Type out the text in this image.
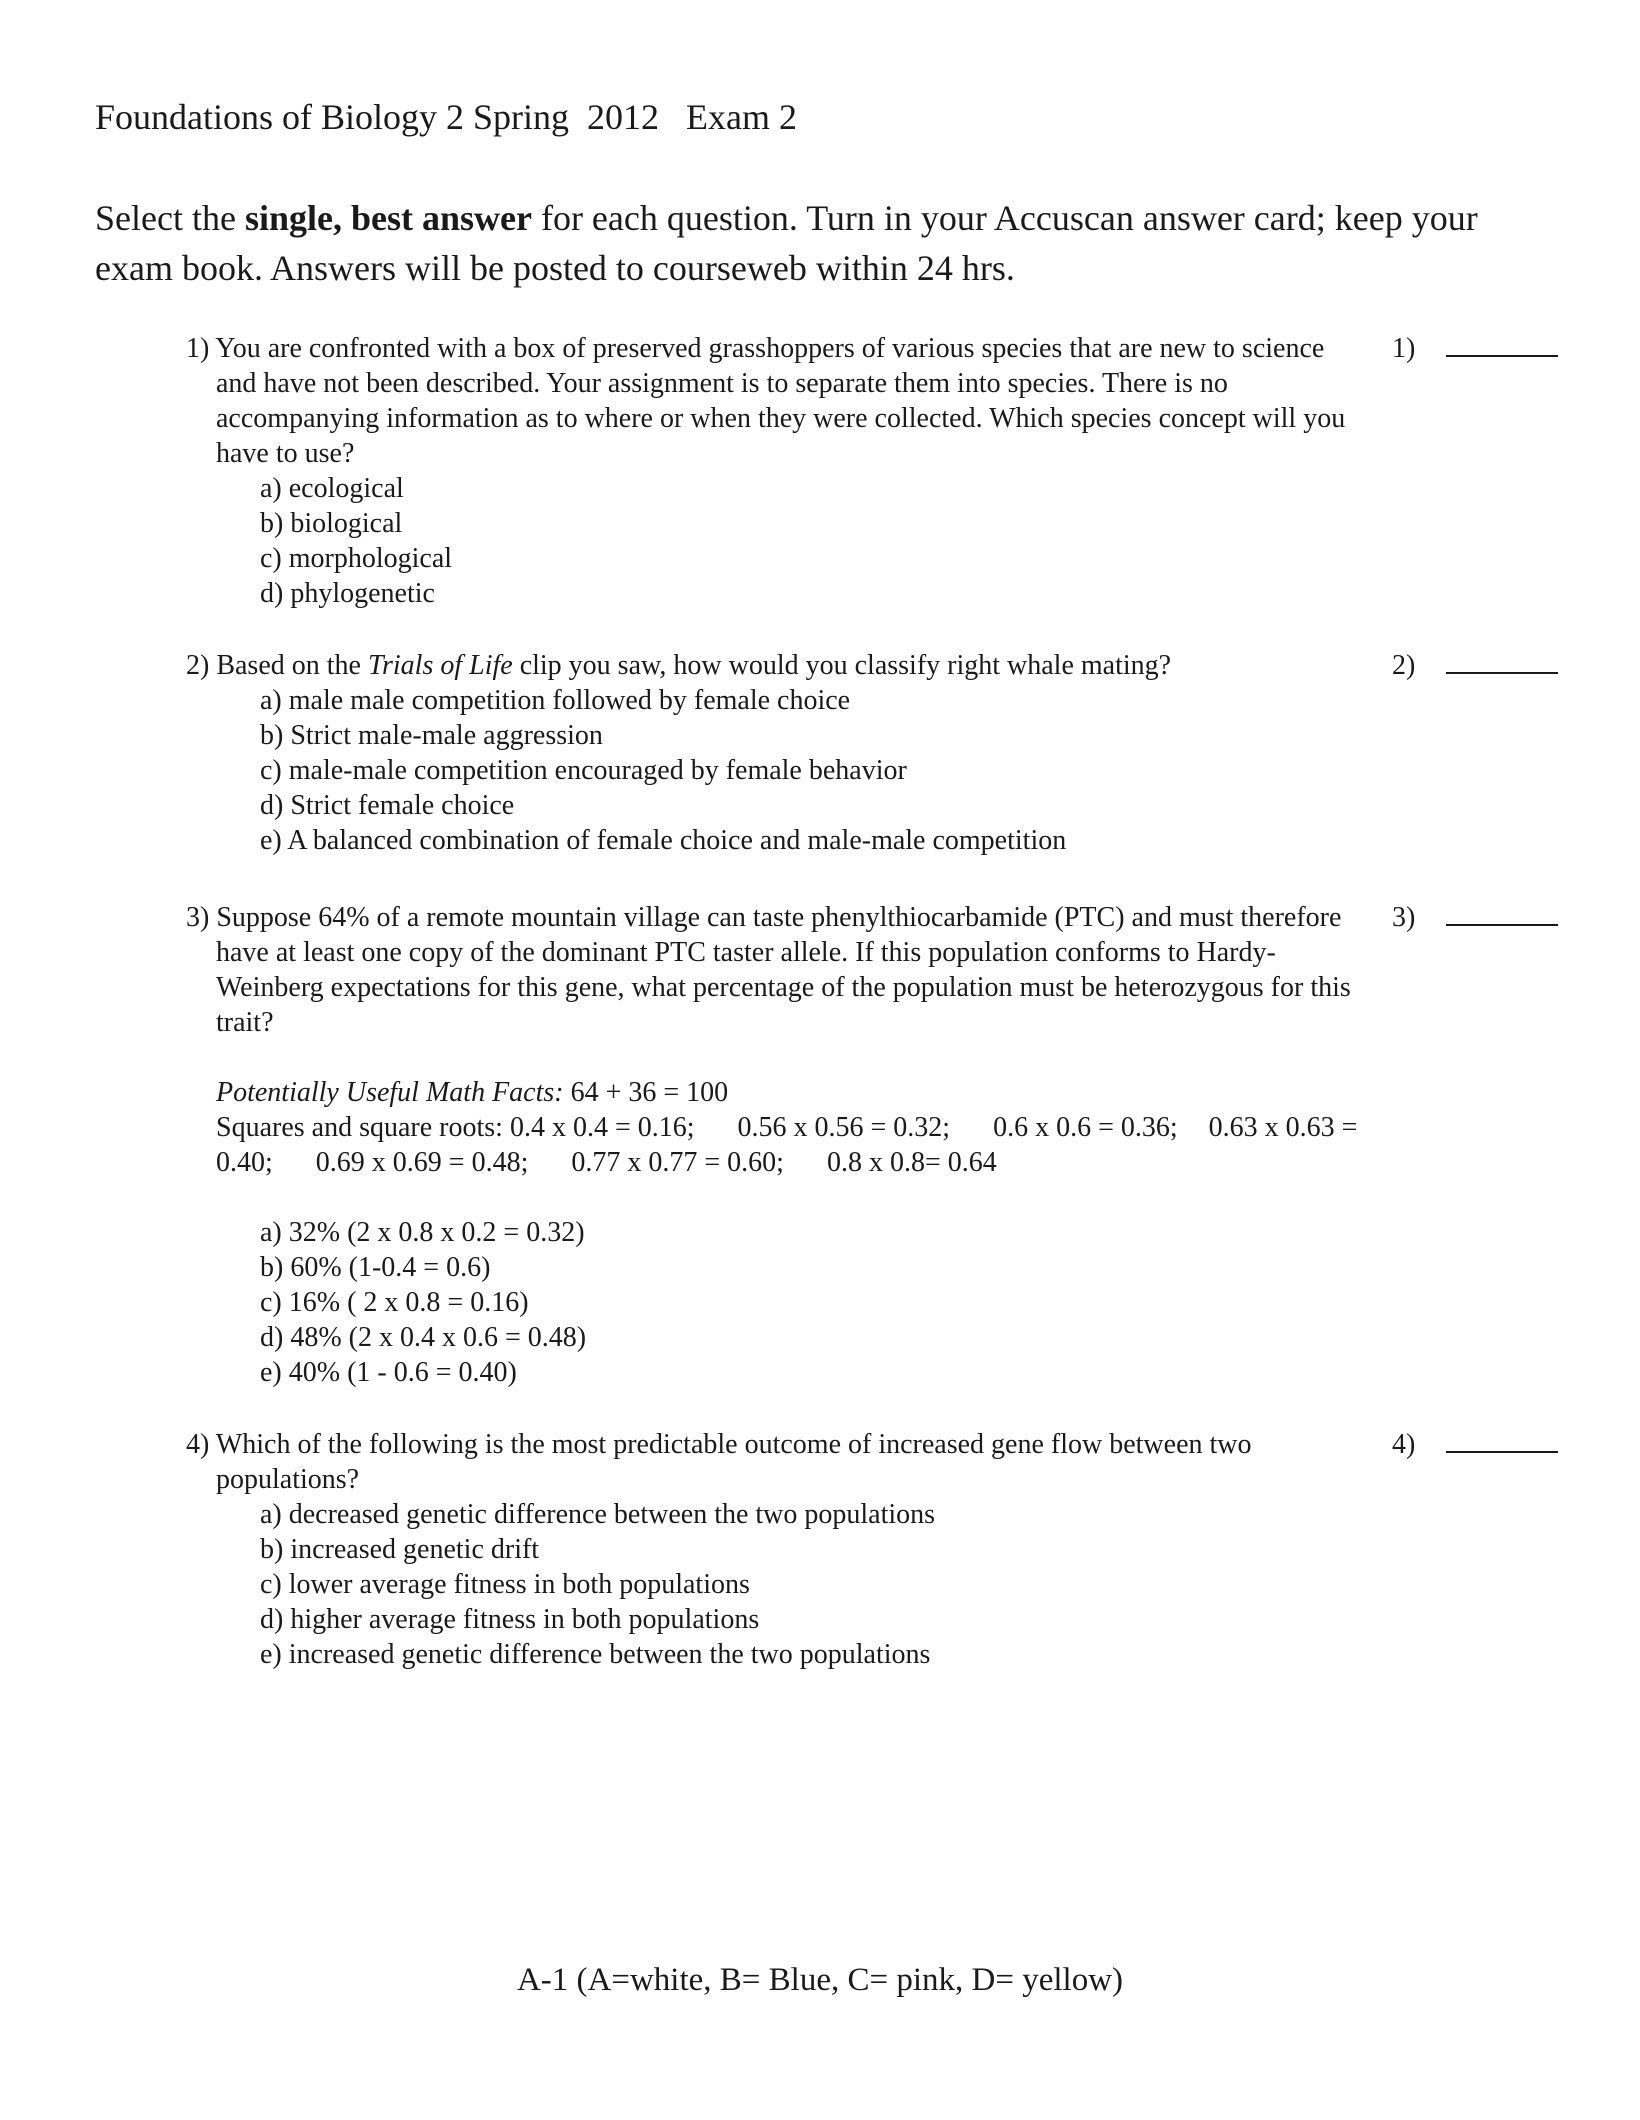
Foundations of Biology 2 Spring  2012   Exam 2
Select the single, best answer for each question. Turn in your Accuscan answer card; keep your exam book. Answers will be posted to courseweb within 24 hrs.
1) You are confronted with a box of preserved grasshoppers of various species that are new to science and have not been described. Your assignment is to separate them into species. There is no accompanying information as to where or when they were collected. Which species concept will you have to use?
a) ecological
b) biological
c) morphological
d) phylogenetic
1)
2) Based on the Trials of Life clip you saw, how would you classify right whale mating?
a) male male competition followed by female choice
b) Strict male-male aggression
c) male-male competition encouraged by female behavior
d) Strict female choice
e) A balanced combination of female choice and male-male competition
2)
3) Suppose 64% of a remote mountain village can taste phenylthiocarbamide (PTC) and must therefore have at least one copy of the dominant PTC taster allele. If this population conforms to Hardy-Weinberg expectations for this gene, what percentage of the population must be heterozygous for this trait?
Potentially Useful Math Facts: 64 + 36 = 100
Squares and square roots: 0.4 x 0.4 = 0.16; 0.56 x 0.56 = 0.32; 0.6 x 0.6 = 0.36; 0.63 x 0.63 =
0.40; 0.69 x 0.69 = 0.48; 0.77 x 0.77 = 0.60; 0.8 x 0.8= 0.64
a) 32% (2 x 0.8 x 0.2 = 0.32)
b) 60% (1-0.4 = 0.6)
c) 16% ( 2 x 0.8 = 0.16)
d) 48% (2 x 0.4 x 0.6 = 0.48)
e) 40% (1 - 0.6 = 0.40)
3)
4) Which of the following is the most predictable outcome of increased gene flow between two populations?
a) decreased genetic difference between the two populations
b) increased genetic drift
c) lower average fitness in both populations
d) higher average fitness in both populations
e) increased genetic difference between the two populations
4)
A-1 (A=white, B= Blue, C= pink, D= yellow)
